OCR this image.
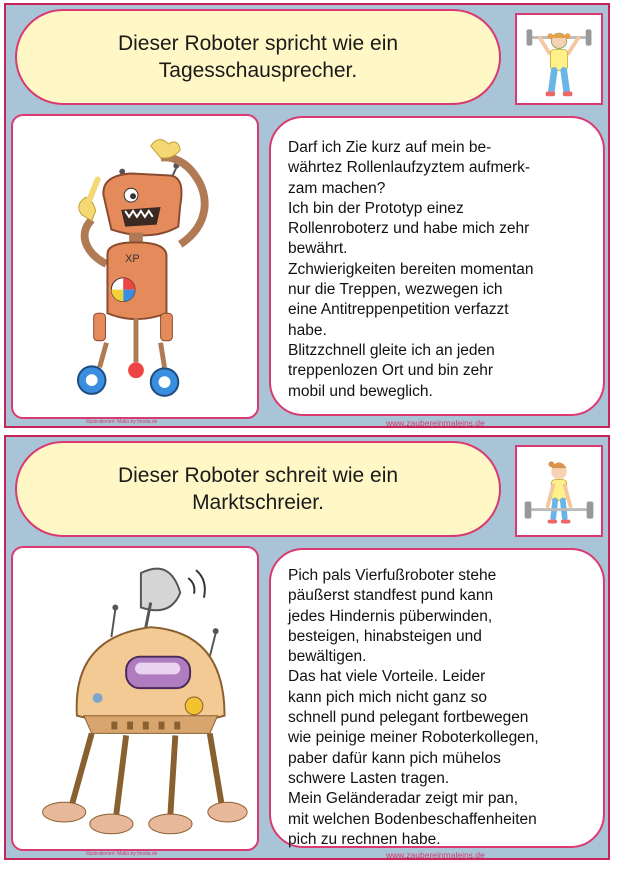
Dieser Roboter spricht wie ein
Tagesschausprecher.
XP

Darf ich Zie kurz auf mein be-
währtez Rollenlaufzyztem aufmerk-
zam machen?
Ich bin der Prototyp einez
Rollenroboterz und habe mich zehr
bewährt.
Zchwierigkeiten bereiten momentan
nur die Treppen, wezwegen ich
eine Antitreppenpetition verfazzt
habe.
Blitzzchnell gleite ich an jeden
treppenlozen Ort und bin zehr
mobil und beweglich.

Illustrationen: Malia by fotolia.de	www.zaubereinmaleins.de
Dieser Roboter schreit wie ein
Marktschreier.

Pich pals Vierfußroboter stehe
päußerst standfest pund kann
jedes Hindernis püberwinden,
besteigen, hinabsteigen und
bewältigen.
Das hat viele Vorteile. Leider
kann pich mich nicht ganz so
schnell pund pelegant fortbewegen
wie peinige meiner Roboterkollegen,
paber dafür kann pich mühelos
schwere Lasten tragen.
Mein Geländeradar zeigt mir pan,
mit welchen Bodenbeschaffenheiten
pich zu rechnen habe.

Illustrationen: Malia by fotolia.de	www.zaubereinmaleins.de
